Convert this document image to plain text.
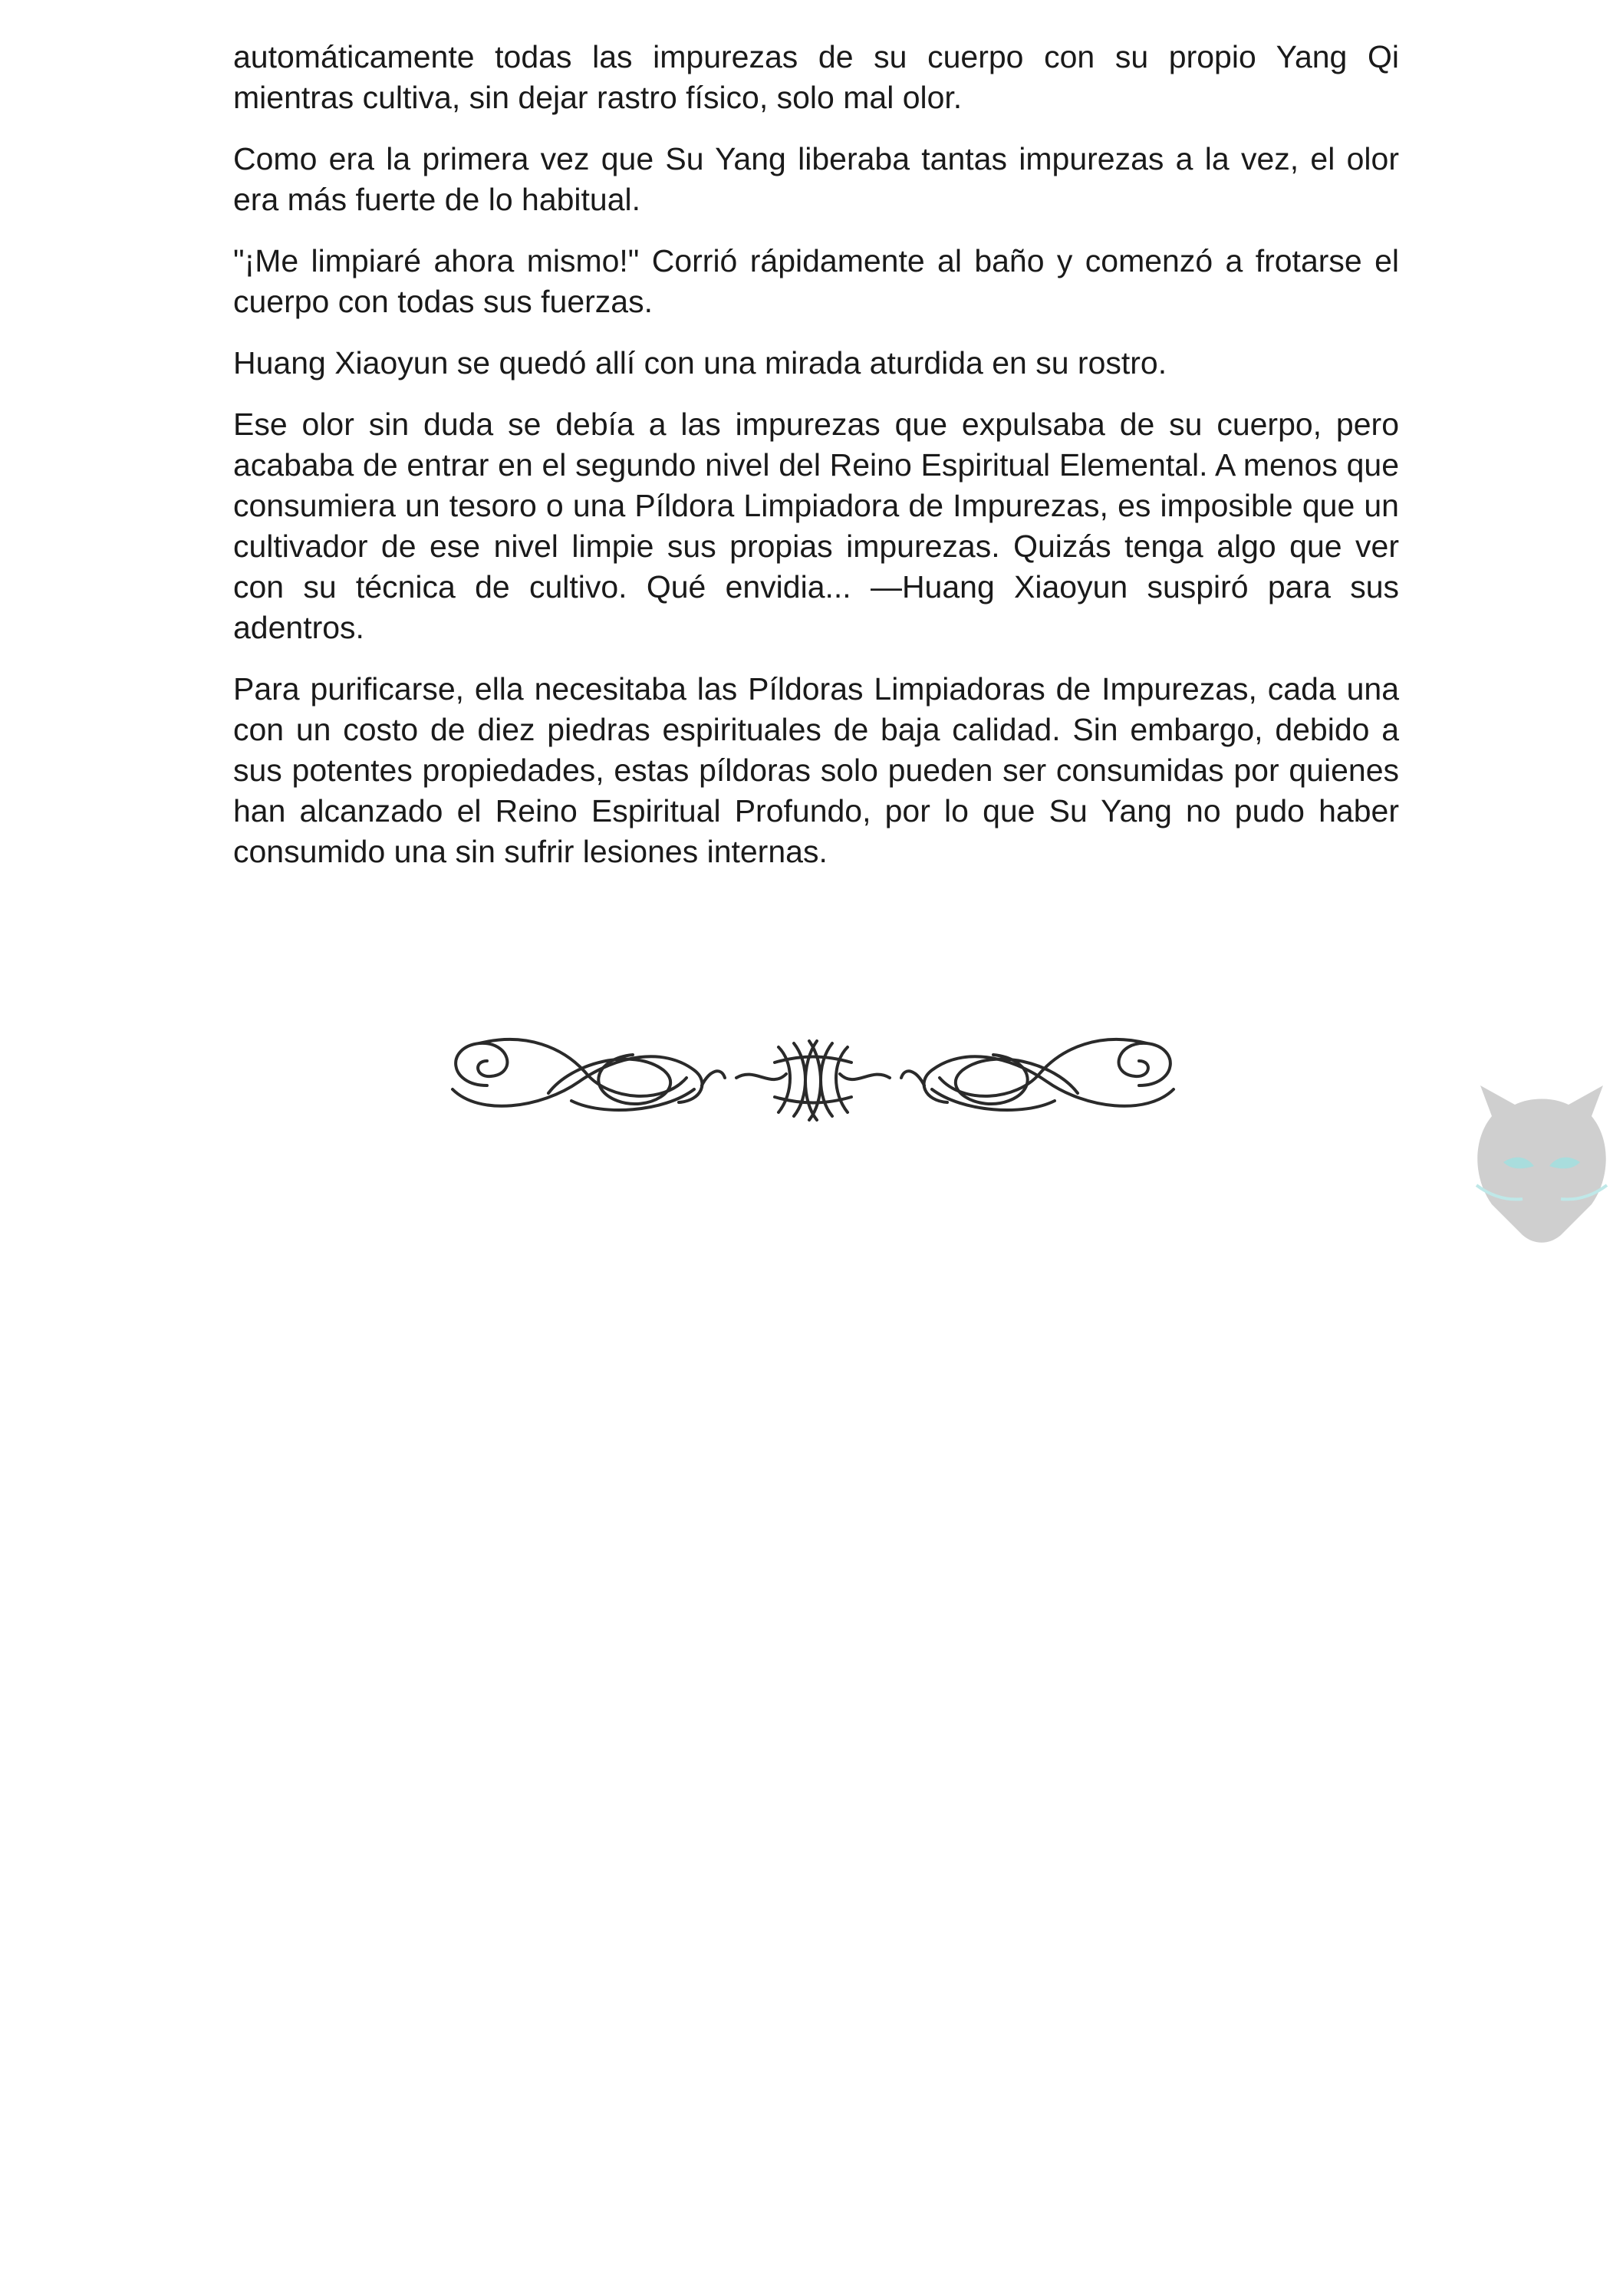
automáticamente todas las impurezas de su cuerpo con su propio Yang Qi mientras cultiva, sin dejar rastro físico, solo mal olor.

Como era la primera vez que Su Yang liberaba tantas impurezas a la vez, el olor era más fuerte de lo habitual.

"¡Me limpiaré ahora mismo!" Corrió rápidamente al baño y comenzó a frotarse el cuerpo con todas sus fuerzas.

Huang Xiaoyun se quedó allí con una mirada aturdida en su rostro.

Ese olor sin duda se debía a las impurezas que expulsaba de su cuerpo, pero acababa de entrar en el segundo nivel del Reino Espiritual Elemental. A menos que consumiera un tesoro o una Píldora Limpiadora de Impurezas, es imposible que un cultivador de ese nivel limpie sus propias impurezas. Quizás tenga algo que ver con su técnica de cultivo. Qué envidia... —Huang Xiaoyun suspiró para sus adentros.

Para purificarse, ella necesitaba las Píldoras Limpiadoras de Impurezas, cada una con un costo de diez piedras espirituales de baja calidad. Sin embargo, debido a sus potentes propiedades, estas píldoras solo pueden ser consumidas por quienes han alcanzado el Reino Espiritual Profundo, por lo que Su Yang no pudo haber consumido una sin sufrir lesiones internas.
